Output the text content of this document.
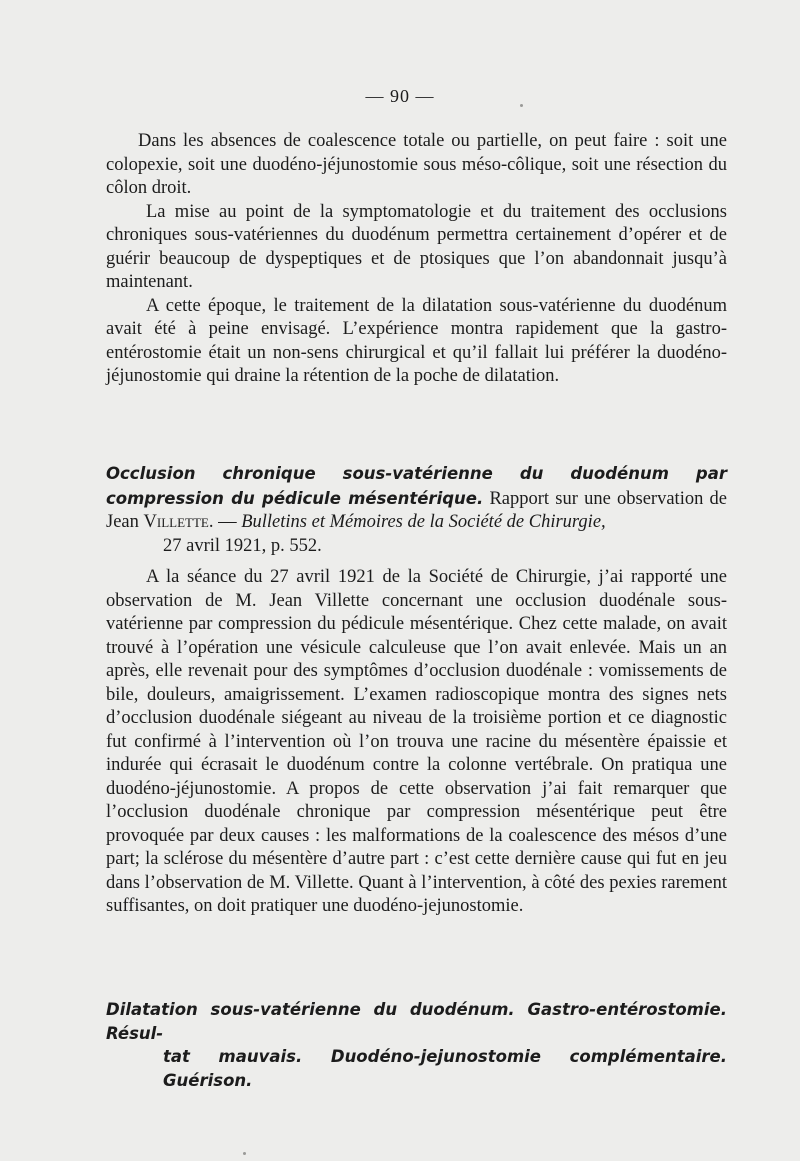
— 90 —

Dans les absences de coalescence totale ou partielle, on peut faire : soit une colopexie, soit une duodéno-jéjunostomie sous méso-côlique, soit une résection du côlon droit.

La mise au point de la symptomatologie et du traitement des occlusions chroniques sous-vatériennes du duodénum permettra certainement d’opérer et de guérir beaucoup de dyspeptiques et de ptosiques que l’on abandonnait jusqu’à maintenant.

A cette époque, le traitement de la dilatation sous-vatérienne du duodénum avait été à peine envisagé. L’expérience montra rapidement que la gastro-entérostomie était un non-sens chirurgical et qu’il fallait lui préférer la duodéno-jéjunostomie qui draine la rétention de la poche de dilatation.

Occlusion chronique sous-vatérienne du duodénum par compression du pédicule mésentérique. Rapport sur une observation de Jean Villette. — Bulletins et Mémoires de la Société de Chirurgie,
27 avril 1921, p. 552.

A la séance du 27 avril 1921 de la Société de Chirurgie, j’ai rapporté une observation de M. Jean Villette concernant une occlusion duodénale sous-vatérienne par compression du pédicule mésentérique. Chez cette malade, on avait trouvé à l’opération une vésicule calculeuse que l’on avait enlevée. Mais un an après, elle revenait pour des symptômes d’occlusion duodénale : vomissements de bile, douleurs, amaigrissement. L’examen radioscopique montra des signes nets d’occlusion duodénale siégeant au niveau de la troisième portion et ce diagnostic fut confirmé à l’intervention où l’on trouva une racine du mésentère épaissie et indurée qui écrasait le duodénum contre la colonne vertébrale. On pratiqua une duodéno-jéjunostomie. A propos de cette observation j’ai fait remarquer que l’occlusion duodénale chronique par compression mésentérique peut être provoquée par deux causes : les malformations de la coalescence des mésos d’une part; la sclérose du mésentère d’autre part : c’est cette dernière cause qui fut en jeu dans l’observation de M. Villette. Quant à l’intervention, à côté des pexies rarement suffisantes, on doit pratiquer une duodéno-jejunostomie.

Dilatation sous-vatérienne du duodénum. Gastro-entérostomie. Résul-
tat mauvais. Duodéno-jejunostomie complémentaire. Guérison.
